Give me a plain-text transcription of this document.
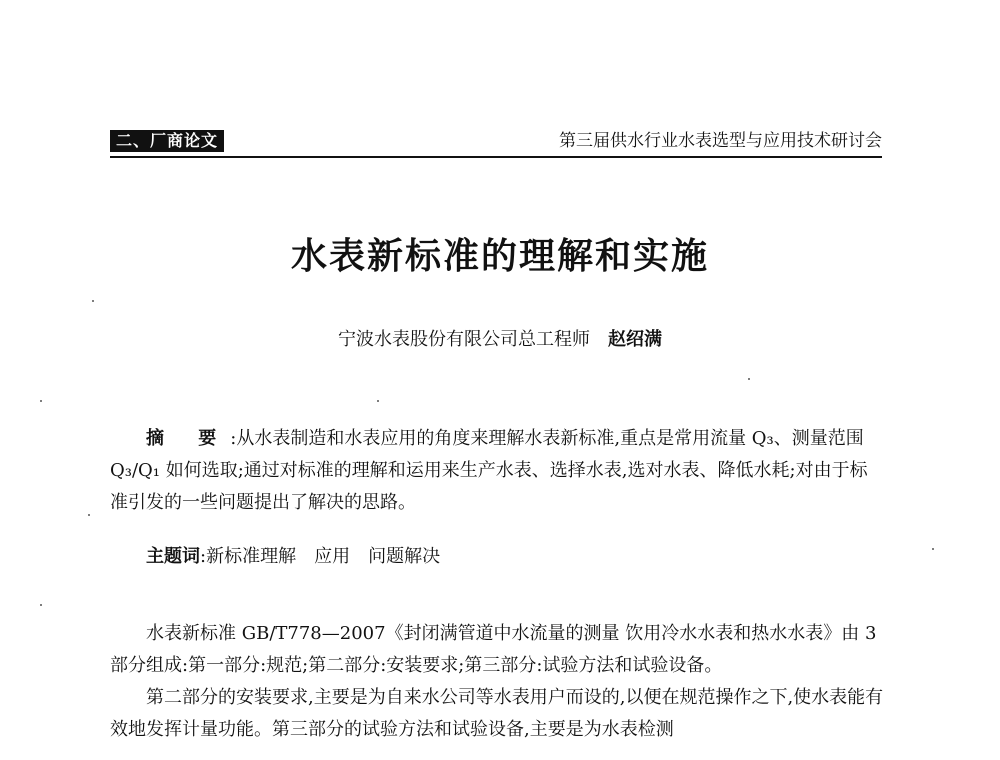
二、厂商论文	第三届供水行业水表选型与应用技术研讨会
水表新标准的理解和实施
宁波水表股份有限公司总工程师 赵绍满

摘 要:从水表制造和水表应用的角度来理解水表新标准,重点是常用流量 Q₃、测量范围 Q₃/Q₁ 如何选取;通过对标准的理解和运用来生产水表、选择水表,选对水表、降低水耗;对由于标准引发的一些问题提出了解决的思路。

主题词:新标准理解　应用　问题解决

水表新标准 GB/T778—2007《封闭满管道中水流量的测量 饮用冷水水表和热水水表》由 3 部分组成:第一部分:规范;第二部分:安装要求;第三部分:试验方法和试验设备。

第二部分的安装要求,主要是为自来水公司等水表用户而设的,以便在规范操作之下,使水表能有效地发挥计量功能。第三部分的试验方法和试验设备,主要是为水表检测
